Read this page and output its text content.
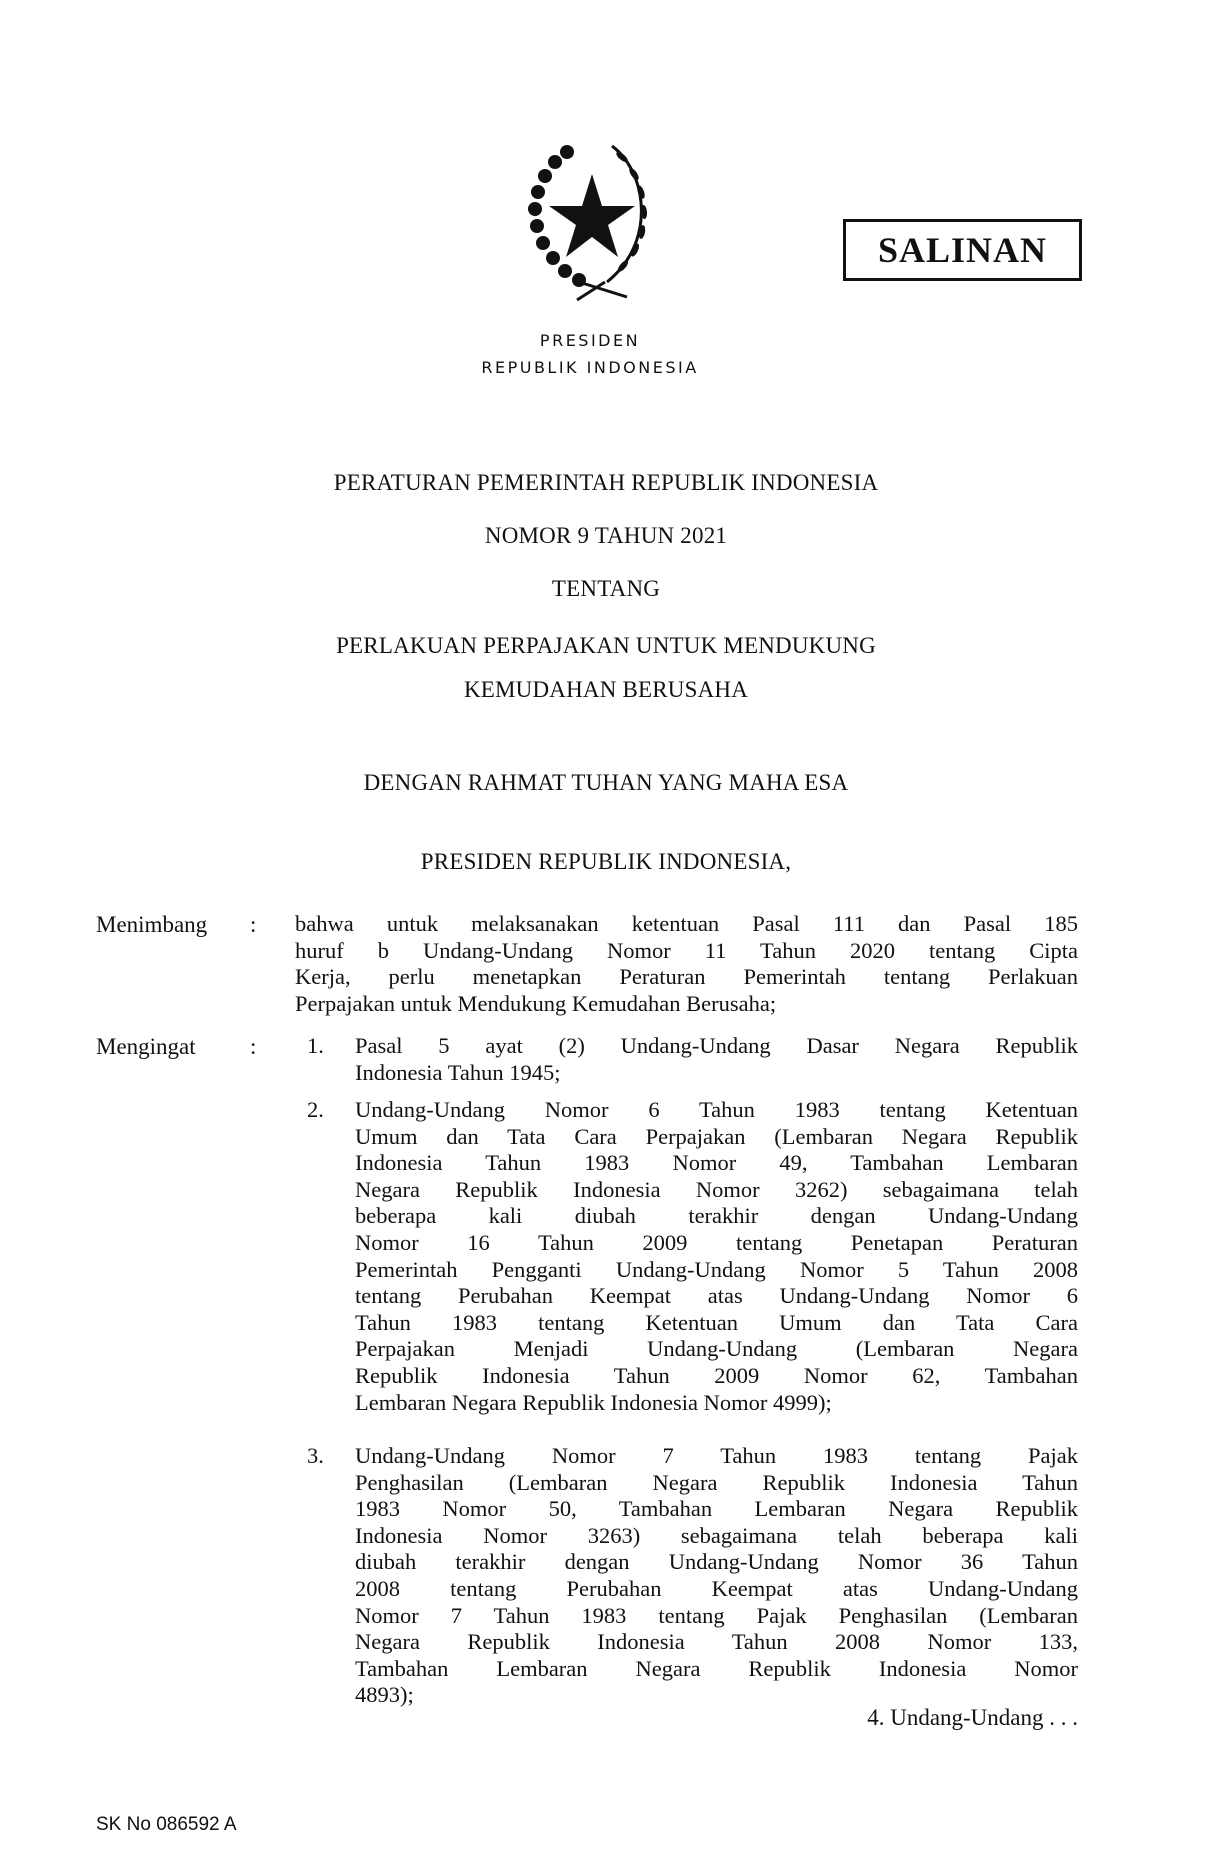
SALINAN
PRESIDEN
REPUBLIK INDONESIA
PERATURAN PEMERINTAH REPUBLIK INDONESIA
NOMOR 9 TAHUN 2021
TENTANG
PERLAKUAN PERPAJAKAN UNTUK MENDUKUNG
KEMUDAHAN BERUSAHA
DENGAN RAHMAT TUHAN YANG MAHA ESA
PRESIDEN REPUBLIK INDONESIA,
Menimbang : bahwa untuk melaksanakan ketentuan Pasal 111 dan Pasal 185
huruf b Undang-Undang Nomor 11 Tahun 2020 tentang Cipta
Kerja, perlu menetapkan Peraturan Pemerintah tentang Perlakuan
Perpajakan untuk Mendukung Kemudahan Berusaha;
Mengingat : 1. Pasal 5 ayat (2) Undang-Undang Dasar Negara Republik
Indonesia Tahun 1945;
2. Undang-Undang Nomor 6 Tahun 1983 tentang Ketentuan
Umum dan Tata Cara Perpajakan (Lembaran Negara Republik
Indonesia Tahun 1983 Nomor 49, Tambahan Lembaran
Negara Republik Indonesia Nomor 3262) sebagaimana telah
beberapa kali diubah terakhir dengan Undang-Undang
Nomor 16 Tahun 2009 tentang Penetapan Peraturan
Pemerintah Pengganti Undang-Undang Nomor 5 Tahun 2008
tentang Perubahan Keempat atas Undang-Undang Nomor 6
Tahun 1983 tentang Ketentuan Umum dan Tata Cara
Perpajakan Menjadi Undang-Undang (Lembaran Negara
Republik Indonesia Tahun 2009 Nomor 62, Tambahan
Lembaran Negara Republik Indonesia Nomor 4999);
3. Undang-Undang Nomor 7 Tahun 1983 tentang Pajak
Penghasilan (Lembaran Negara Republik Indonesia Tahun
1983 Nomor 50, Tambahan Lembaran Negara Republik
Indonesia Nomor 3263) sebagaimana telah beberapa kali
diubah terakhir dengan Undang-Undang Nomor 36 Tahun
2008 tentang Perubahan Keempat atas Undang-Undang
Nomor 7 Tahun 1983 tentang Pajak Penghasilan (Lembaran
Negara Republik Indonesia Tahun 2008 Nomor 133,
Tambahan Lembaran Negara Republik Indonesia Nomor
4893);
4. Undang-Undang . . .
SK No 086592 A
